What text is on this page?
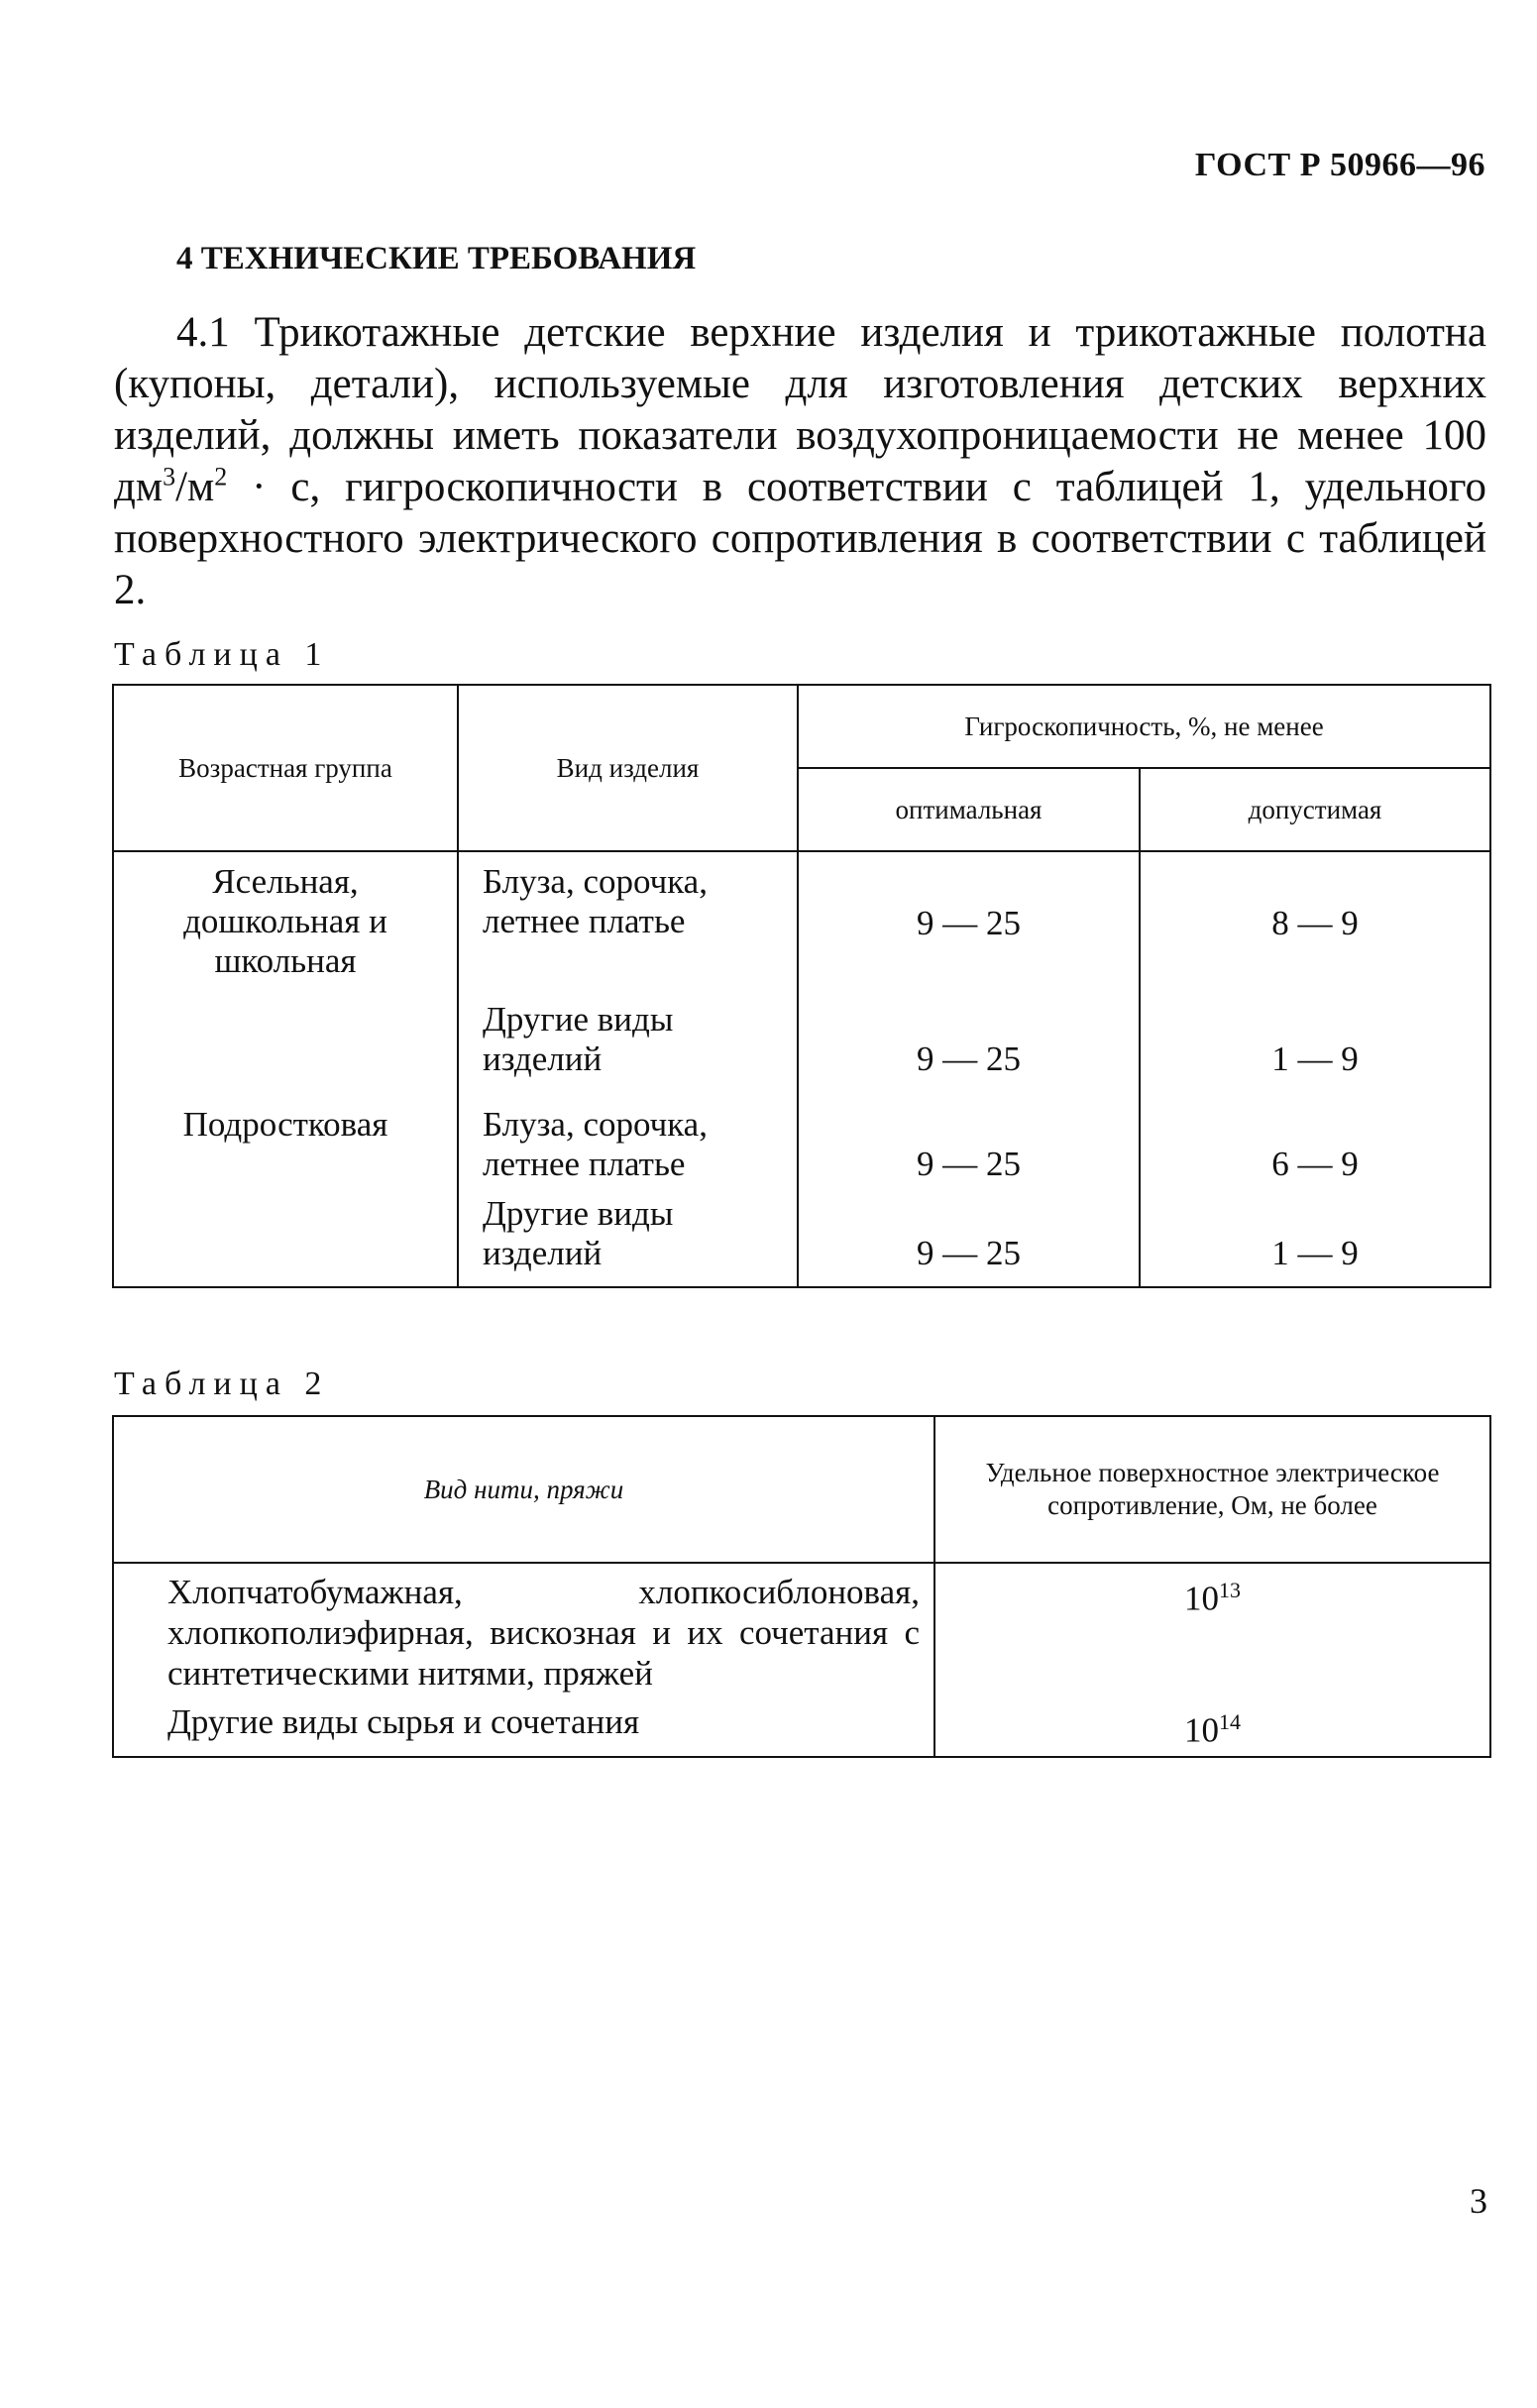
ГОСТ Р 50966—96
4 ТЕХНИЧЕСКИЕ ТРЕБОВАНИЯ

4.1 Трикотажные детские верхние изделия и трикотажные полотна (купоны, детали), используемые для изготовления детских верхних изделий, должны иметь показатели воздухопроницаемости не менее 100 $дм^3/м^2 \cdot с$, гигроскопичности в соответствии с таблицей 1, удельного поверхностного электрического сопротивления в соответствии с таблицей 2.

Таблица 1
Возрастная группа	Вид изделия	Гигроскопичность, %, не менее	
		оптимальная	допустимая
Ясельная, дошкольная и школьная	Блуза, сорочка, летнее платье	9 — 25	8 — 9
	Другие виды изделий	9 — 25	1 — 9
Подростковая	Блуза, сорочка, летнее платье	9 — 25	6 — 9
	Другие виды изделий	9 — 25	1 — 9
Таблица 2
Вид нити, пряжи	Удельное поверхностное электрическое сопротивление, Ом, не более
Хлопчатобумажная, хлопкосиблоновая, хлопкополиэфирная, вискозная и их сочетания с синтетическими нитями, пряжей	$10^{13}$
Другие виды сырья и сочетания	$10^{14}$
3
